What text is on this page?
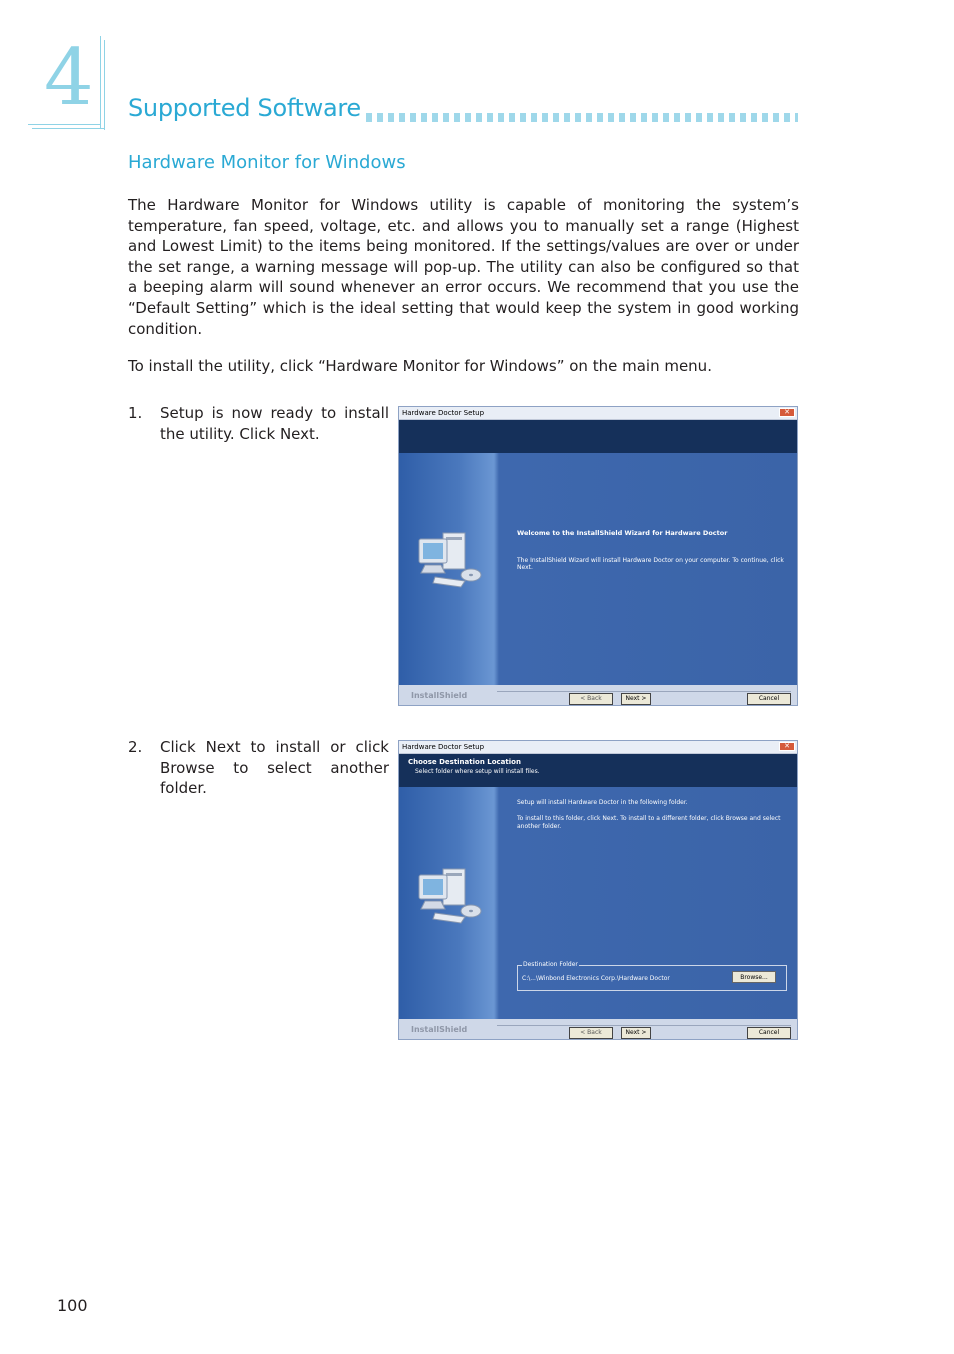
4 Supported Software
Hardware Monitor for Windows
The Hardware Monitor for Windows utility is capable of monitoring the system’s temperature, fan speed, voltage, etc. and allows you to manually set a range (Highest and Lowest Limit) to the items being monitored. If the settings/values are over or under the set range, a warning message will pop-up. The utility can also be configured so that a beeping alarm will sound whenever an error occurs. We recommend that you use the “Default Setting” which is the ideal setting that would keep the system in good working condition.
To install the utility, click “Hardware Monitor for Windows” on the main menu.
1. Setup is now ready to install the utility. Click Next.
Hardware Doctor Setup	✕
Welcome to the InstallShield Wizard for Hardware Doctor
The InstallShield Wizard will install Hardware Doctor on your computer. To continue, click Next.
InstallShield	< Back	Next >	Cancel
2. Click Next to install or click Browse to select another folder.
Hardware Doctor Setup	✕
Choose Destination Location
Select folder where setup will install files.
Setup will install Hardware Doctor in the following folder.
To install to this folder, click Next. To install to a different folder, click Browse and select another folder.
Destination Folder
C:\...\Winbond Electronics Corp.\Hardware Doctor	Browse...
InstallShield	< Back	Next >	Cancel
100
